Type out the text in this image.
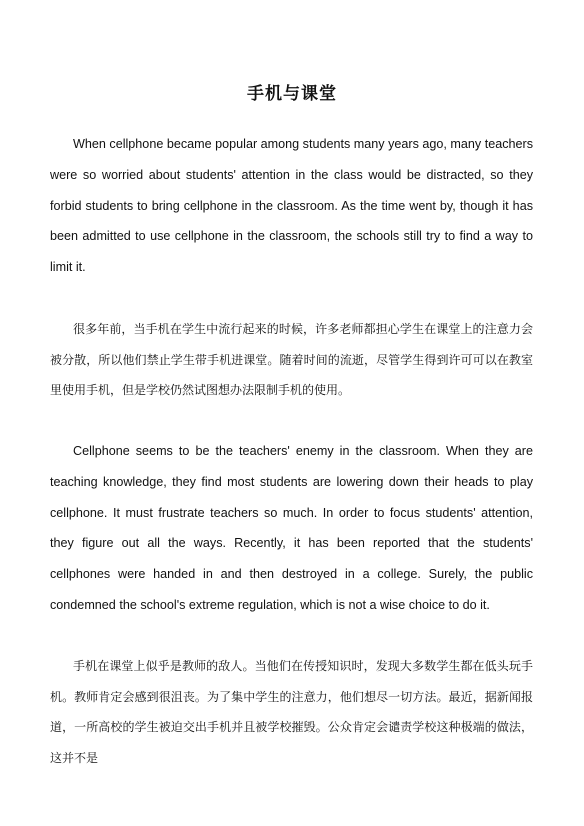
手机与课堂

When cellphone became popular among students many years ago, many teachers were so worried about students' attention in the class would be distracted, so they forbid students to bring cellphone in the classroom. As the time went by, though it has been admitted to use cellphone in the classroom, the schools still try to find a way to limit it.

很多年前，当手机在学生中流行起来的时候，许多老师都担心学生在课堂上的注意力会被分散，所以他们禁止学生带手机进课堂。随着时间的流逝，尽管学生得到许可可以在教室里使用手机，但是学校仍然试图想办法限制手机的使用。

Cellphone seems to be the teachers' enemy in the classroom. When they are teaching knowledge, they find most students are lowering down their heads to play cellphone. It must frustrate teachers so much. In order to focus students' attention, they figure out all the ways. Recently, it has been reported that the students' cellphones were handed in and then destroyed in a college. Surely, the public condemned the school's extreme regulation, which is not a wise choice to do it.

手机在课堂上似乎是教师的敌人。当他们在传授知识时，发现大多数学生都在低头玩手机。教师肯定会感到很沮丧。为了集中学生的注意力，他们想尽一切方法。最近，据新闻报道，一所高校的学生被迫交出手机并且被学校摧毁。公众肯定会谴责学校这种极端的做法，这并不是
